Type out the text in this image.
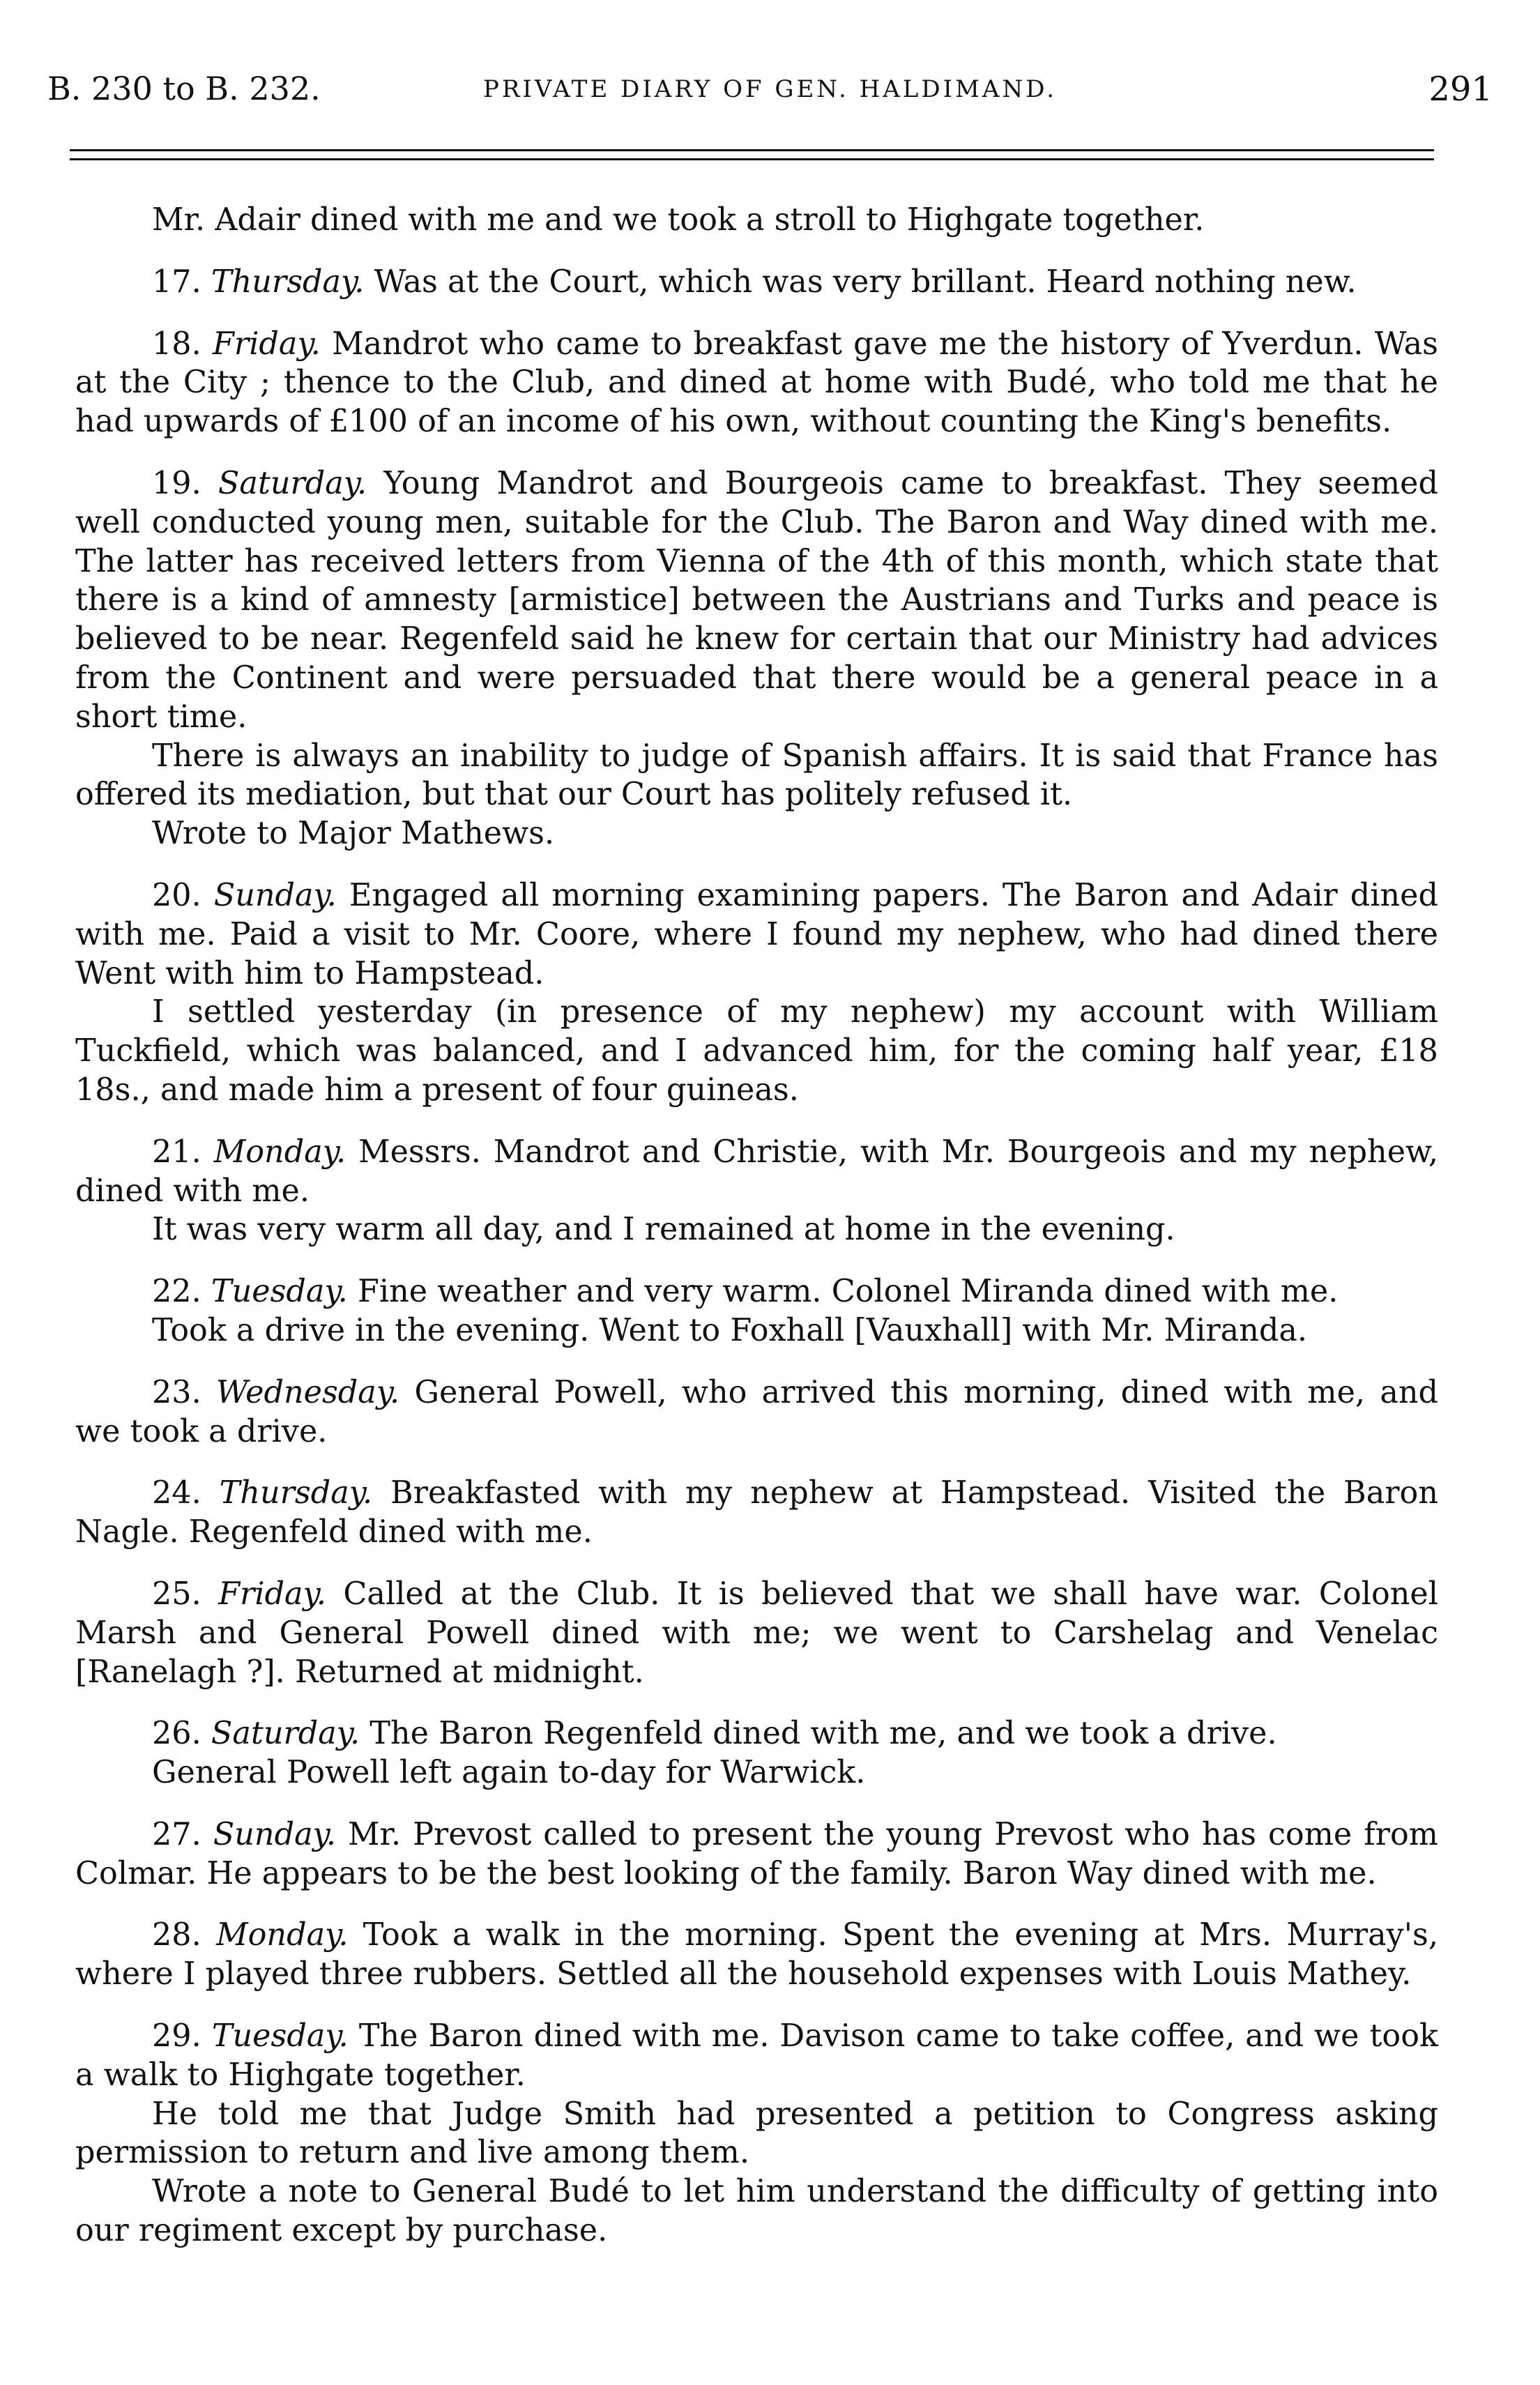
B. 230 to B. 232.	PRIVATE DIARY OF GEN. HALDIMAND.	291

Mr. Adair dined with me and we took a stroll to Highgate together.

17. Thursday. Was at the Court, which was very brillant. Heard nothing new.

18. Friday. Mandrot who came to breakfast gave me the history of Yverdun. Was at the City ; thence to the Club, and dined at home with Budé, who told me that he had upwards of £100 of an income of his own, without counting the King's benefits.

19. Saturday. Young Mandrot and Bourgeois came to breakfast. They seemed well conducted young men, suitable for the Club. The Baron and Way dined with me. The latter has received letters from Vienna of the 4th of this month, which state that there is a kind of amnesty [armistice] between the Austrians and Turks and peace is believed to be near. Regenfeld said he knew for certain that our Ministry had advices from the Continent and were persuaded that there would be a general peace in a short time.

There is always an inability to judge of Spanish affairs. It is said that France has offered its mediation, but that our Court has politely refused it.

Wrote to Major Mathews.

20. Sunday. Engaged all morning examining papers. The Baron and Adair dined with me. Paid a visit to Mr. Coore, where I found my nephew, who had dined there Went with him to Hampstead.

I settled yesterday (in presence of my nephew) my account with William Tuckfield, which was balanced, and I advanced him, for the coming half year, £18 18s., and made him a present of four guineas.

21. Monday. Messrs. Mandrot and Christie, with Mr. Bourgeois and my nephew, dined with me.

It was very warm all day, and I remained at home in the evening.

22. Tuesday. Fine weather and very warm. Colonel Miranda dined with me.

Took a drive in the evening. Went to Foxhall [Vauxhall] with Mr. Miranda.

23. Wednesday. General Powell, who arrived this morning, dined with me, and we took a drive.

24. Thursday. Breakfasted with my nephew at Hampstead. Visited the Baron Nagle. Regenfeld dined with me.

25. Friday. Called at the Club. It is believed that we shall have war. Colonel Marsh and General Powell dined with me; we went to Carshelag and Venelac [Ranelagh ?]. Returned at midnight.

26. Saturday. The Baron Regenfeld dined with me, and we took a drive.

General Powell left again to-day for Warwick.

27. Sunday. Mr. Prevost called to present the young Prevost who has come from Colmar. He appears to be the best looking of the family. Baron Way dined with me.

28. Monday. Took a walk in the morning. Spent the evening at Mrs. Murray's, where I played three rubbers. Settled all the household expenses with Louis Mathey.

29. Tuesday. The Baron dined with me. Davison came to take coffee, and we took a walk to Highgate together.

He told me that Judge Smith had presented a petition to Congress asking permission to return and live among them.

Wrote a note to General Budé to let him understand the difficulty of getting into our regiment except by purchase.
